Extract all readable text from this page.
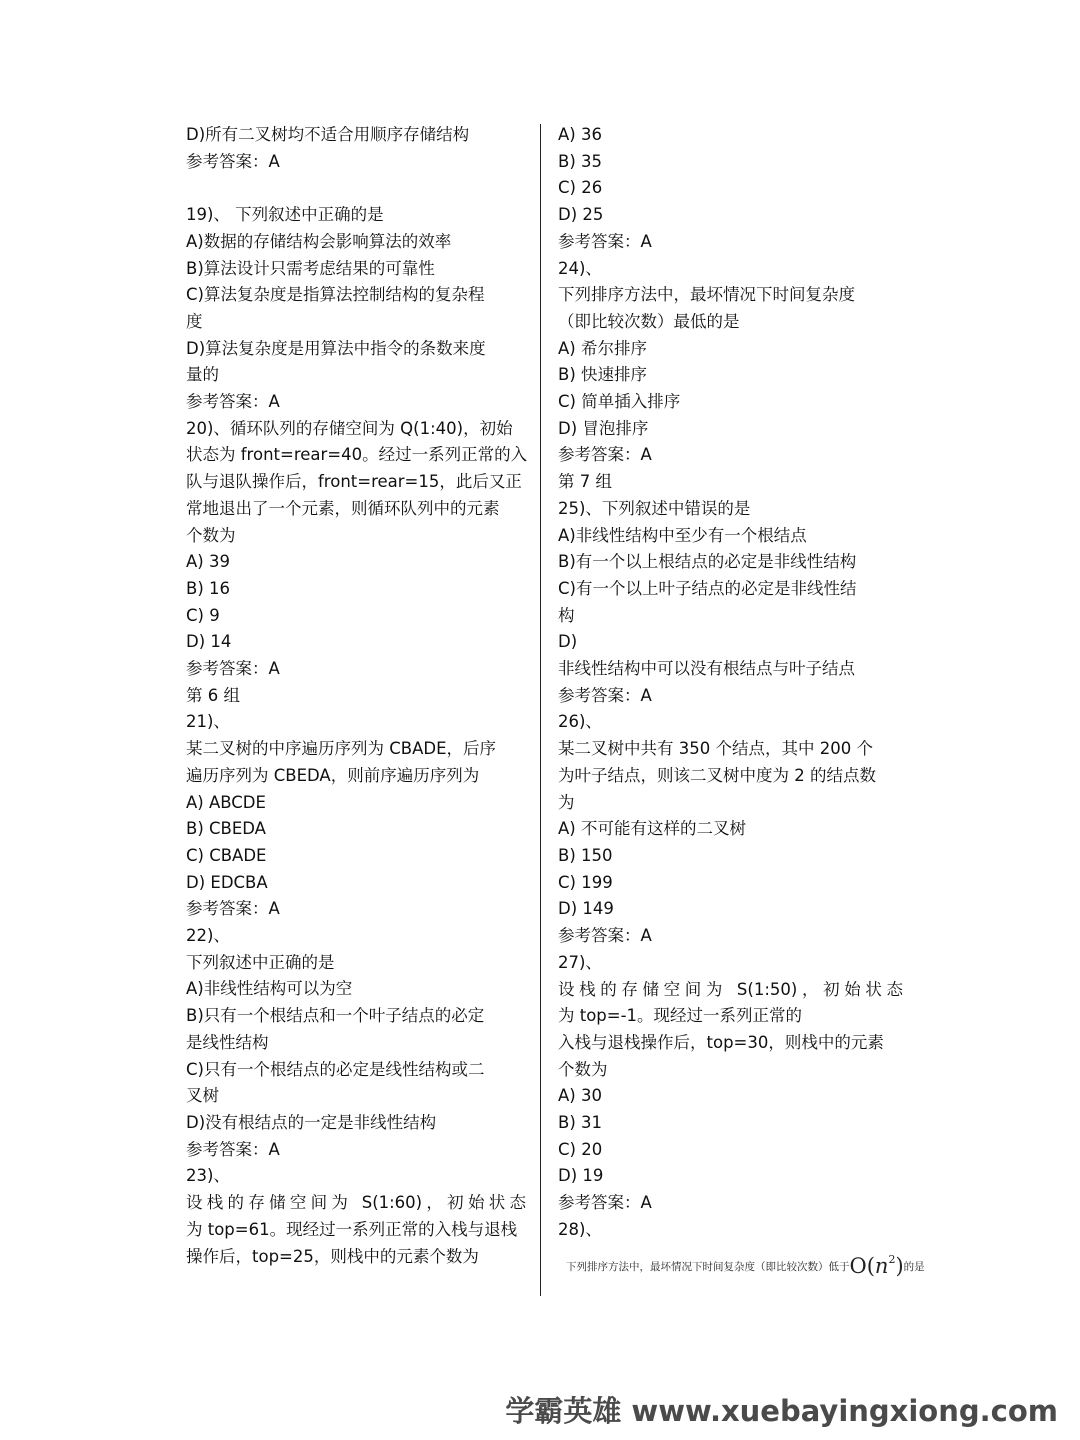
D)所有二叉树均不适合用顺序存储结构
参考答案：A
19)、 下列叙述中正确的是
A)数据的存储结构会影响算法的效率
B)算法设计只需考虑结果的可靠性
C)算法复杂度是指算法控制结构的复杂程
度
D)算法复杂度是用算法中指令的条数来度
量的
参考答案：A
20)、循环队列的存储空间为 Q(1:40)，初始
状态为 front=rear=40。经过一系列正常的入
队与退队操作后，front=rear=15，此后又正
常地退出了一个元素，则循环队列中的元素
个数为
A) 39
B) 16
C) 9
D) 14
参考答案：A
第 6 组
21)、
某二叉树的中序遍历序列为 CBADE，后序
遍历序列为 CBEDA，则前序遍历序列为
A) ABCDE
B) CBEDA
C) CBADE
D) EDCBA
参考答案：A
22)、
下列叙述中正确的是
A)非线性结构可以为空
B)只有一个根结点和一个叶子结点的必定
是线性结构
C)只有一个根结点的必定是线性结构或二
叉树
D)没有根结点的一定是非线性结构
参考答案：A
23)、
设栈的存储空间为 S(1:60)，初始状态
为 top=61。现经过一系列正常的入栈与退栈
操作后，top=25，则栈中的元素个数为
A) 36
B) 35
C) 26
D) 25
参考答案：A
24)、
下列排序方法中，最坏情况下时间复杂度
（即比较次数）最低的是
A) 希尔排序
B) 快速排序
C) 简单插入排序
D) 冒泡排序
参考答案：A
第 7 组
25)、下列叙述中错误的是
A)非线性结构中至少有一个根结点
B)有一个以上根结点的必定是非线性结构
C)有一个以上叶子结点的必定是非线性结
构
D)
非线性结构中可以没有根结点与叶子结点
参考答案：A
26)、
某二叉树中共有 350 个结点，其中 200 个
为叶子结点，则该二叉树中度为 2 的结点数
为
A) 不可能有这样的二叉树
B) 150
C) 199
D) 149
参考答案：A
27)、
设栈的存储空间为 S(1:50)，初始状态
为 top=-1。现经过一系列正常的
入栈与退栈操作后，top=30，则栈中的元素
个数为
A) 30
B) 31
C) 20
D) 19
参考答案：A
28)、
下列排序方法中，最坏情况下时间复杂度（即比较次数）低于$O(n^2)$的是
学霸英雄 www.xuebayingxiong.com
